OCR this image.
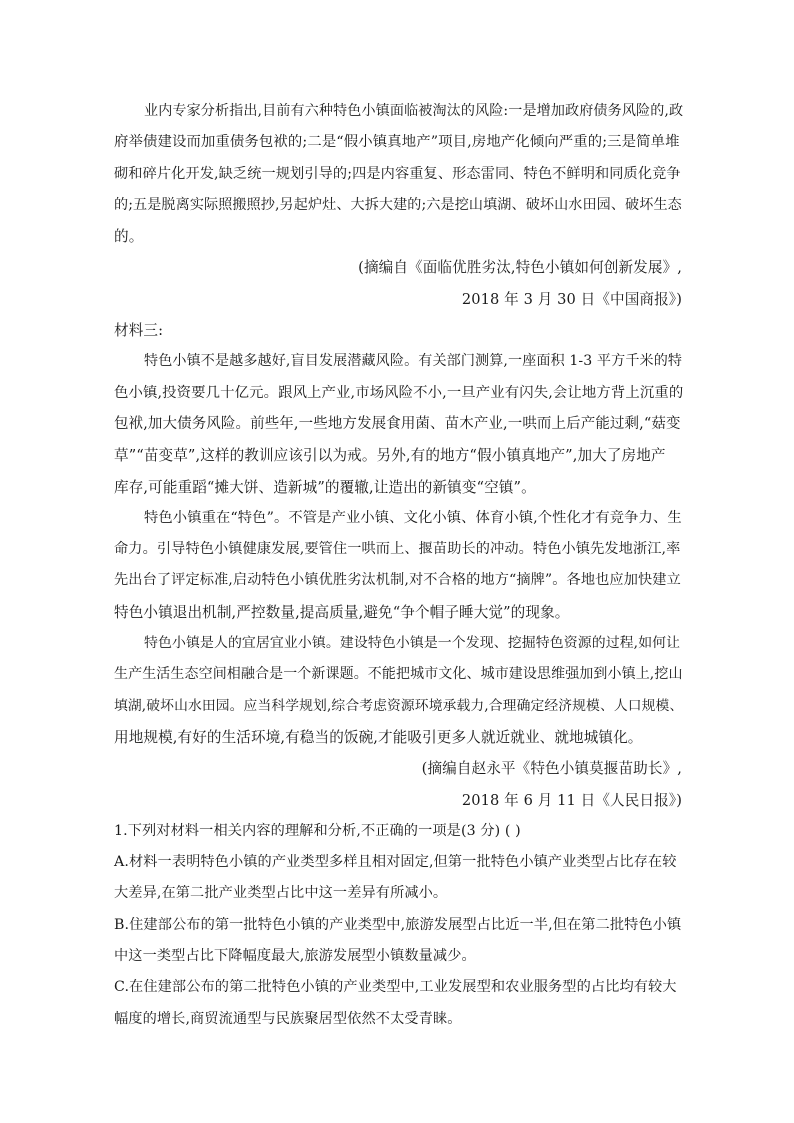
业内专家分析指出,目前有六种特色小镇面临被淘汰的风险:一是增加政府债务风险的,政
府举债建设而加重债务包袱的;二是“假小镇真地产”项目,房地产化倾向严重的;三是简单堆
砌和碎片化开发,缺乏统一规划引导的;四是内容重复、形态雷同、特色不鲜明和同质化竞争
的;五是脱离实际照搬照抄,另起炉灶、大拆大建的;六是挖山填湖、破坏山水田园、破坏生态
的。
(摘编自《面临优胜劣汰,特色小镇如何创新发展》,
2018 年 3 月 30 日《中国商报》)
材料三:
特色小镇不是越多越好,盲目发展潜藏风险。有关部门测算,一座面积 1-3 平方千米的特
色小镇,投资要几十亿元。跟风上产业,市场风险不小,一旦产业有闪失,会让地方背上沉重的
包袱,加大债务风险。前些年,一些地方发展食用菌、苗木产业,一哄而上后产能过剩,“菇变
草”“苗变草”,这样的教训应该引以为戒。另外,有的地方“假小镇真地产”,加大了房地产
库存,可能重蹈“摊大饼、造新城”的覆辙,让造出的新镇变“空镇”。
特色小镇重在“特色”。不管是产业小镇、文化小镇、体育小镇,个性化才有竞争力、生
命力。引导特色小镇健康发展,要管住一哄而上、揠苗助长的冲动。特色小镇先发地浙江,率
先出台了评定标准,启动特色小镇优胜劣汰机制,对不合格的地方“摘牌”。各地也应加快建立
特色小镇退出机制,严控数量,提高质量,避免“争个帽子睡大觉”的现象。
特色小镇是人的宜居宜业小镇。建设特色小镇是一个发现、挖掘特色资源的过程,如何让
生产生活生态空间相融合是一个新课题。不能把城市文化、城市建设思维强加到小镇上,挖山
填湖,破坏山水田园。应当科学规划,综合考虑资源环境承载力,合理确定经济规模、人口规模、
用地规模,有好的生活环境,有稳当的饭碗,才能吸引更多人就近就业、就地城镇化。
(摘编自赵永平《特色小镇莫揠苗助长》,
2018 年 6 月 11 日《人民日报》)
1.下列对材料一相关内容的理解和分析,不正确的一项是(3 分) ( )
A.材料一表明特色小镇的产业类型多样且相对固定,但第一批特色小镇产业类型占比存在较
大差异,在第二批产业类型占比中这一差异有所减小。
B.住建部公布的第一批特色小镇的产业类型中,旅游发展型占比近一半,但在第二批特色小镇
中这一类型占比下降幅度最大,旅游发展型小镇数量减少。
C.在住建部公布的第二批特色小镇的产业类型中,工业发展型和农业服务型的占比均有较大
幅度的增长,商贸流通型与民族聚居型依然不太受青睐。
